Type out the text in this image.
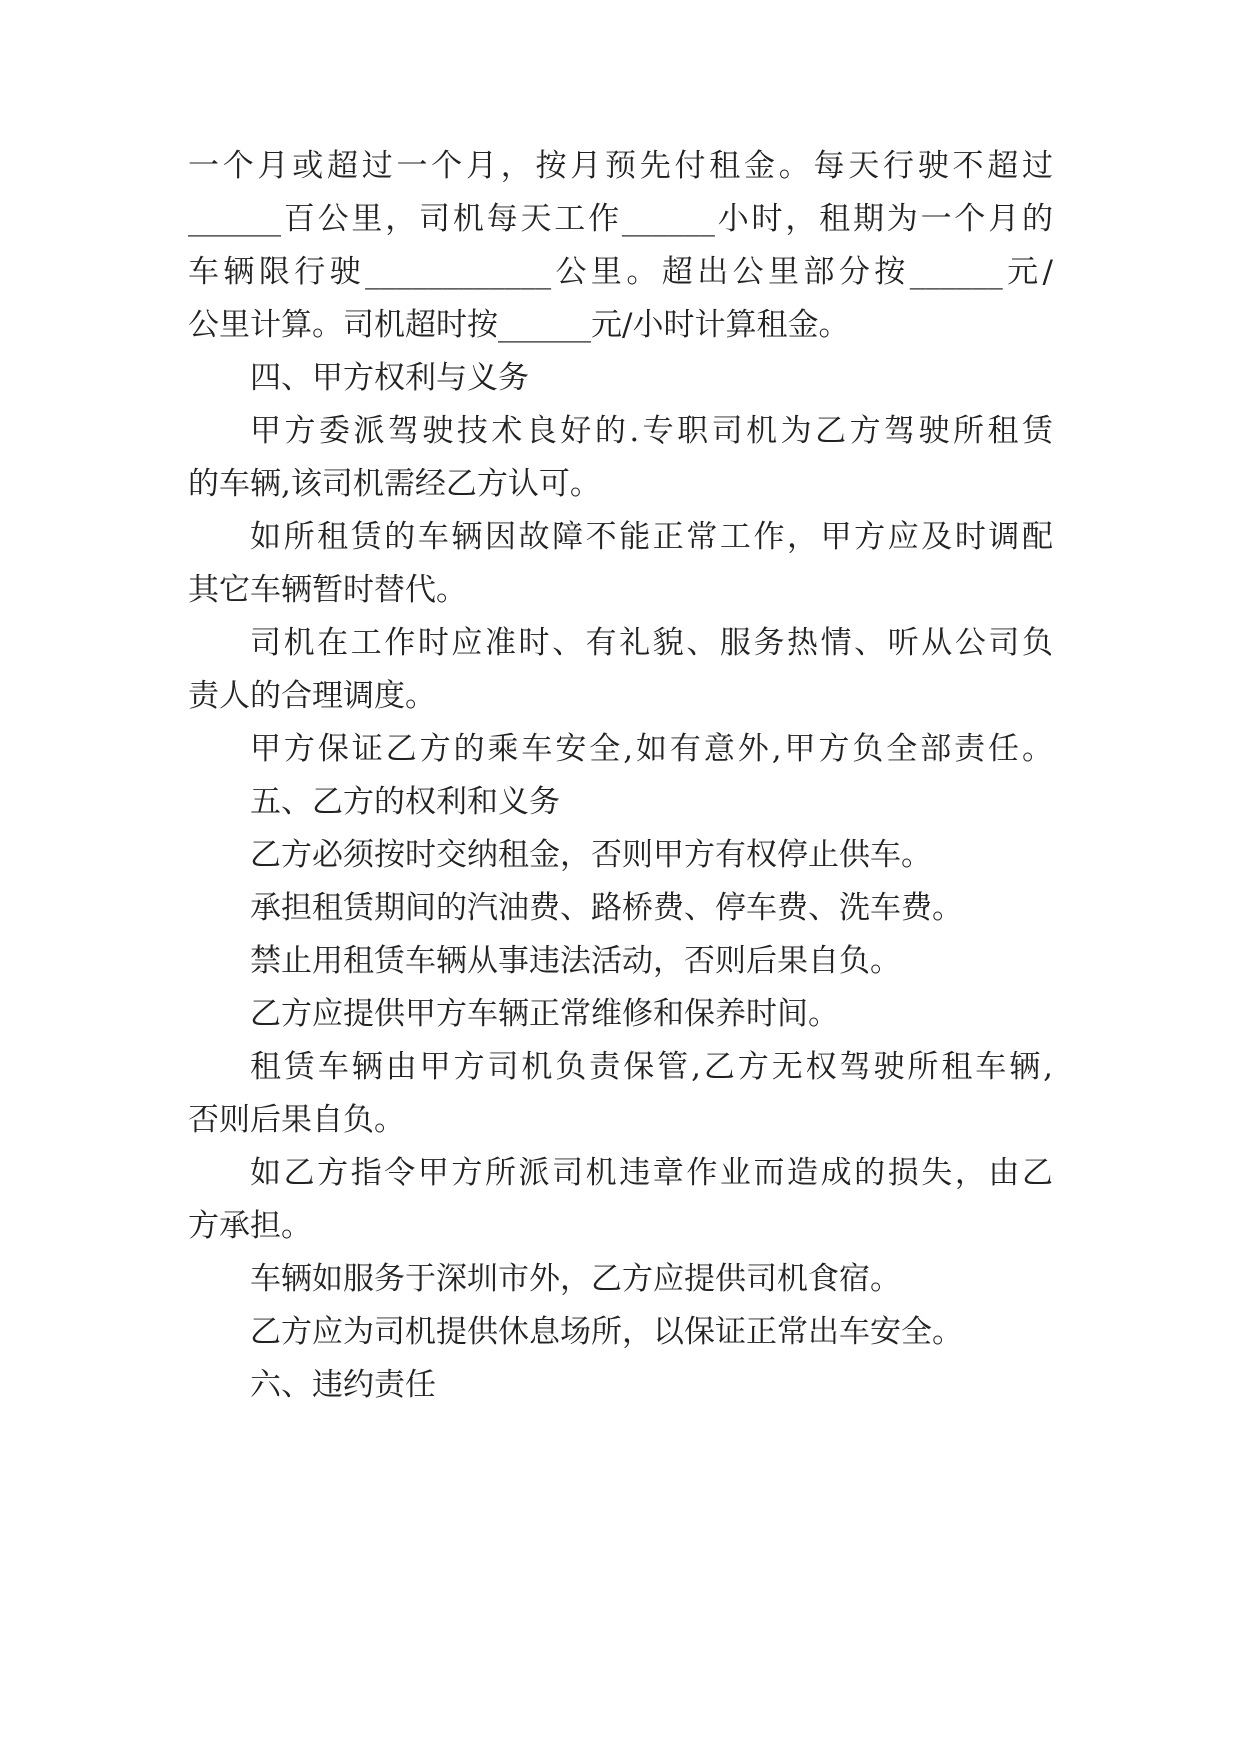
一个月或超过一个月，按月预先付租金。每天行驶不超过
______百公里，司机每天工作______小时，租期为一个月的
车辆限行驶____________公里。超出公里部分按______元/
公里计算。司机超时按______元/小时计算租金。
四、甲方权利与义务
甲方委派驾驶技术良好的.专职司机为乙方驾驶所租赁
的车辆,该司机需经乙方认可。
如所租赁的车辆因故障不能正常工作，甲方应及时调配
其它车辆暂时替代。
司机在工作时应准时、有礼貌、服务热情、听从公司负
责人的合理调度。
甲方保证乙方的乘车安全,如有意外,甲方负全部责任。
五、乙方的权利和义务
乙方必须按时交纳租金，否则甲方有权停止供车。
承担租赁期间的汽油费、路桥费、停车费、洗车费。
禁止用租赁车辆从事违法活动，否则后果自负。
乙方应提供甲方车辆正常维修和保养时间。
租赁车辆由甲方司机负责保管,乙方无权驾驶所租车辆,
否则后果自负。
如乙方指令甲方所派司机违章作业而造成的损失，由乙
方承担。
车辆如服务于深圳市外，乙方应提供司机食宿。
乙方应为司机提供休息场所，以保证正常出车安全。
六、违约责任
